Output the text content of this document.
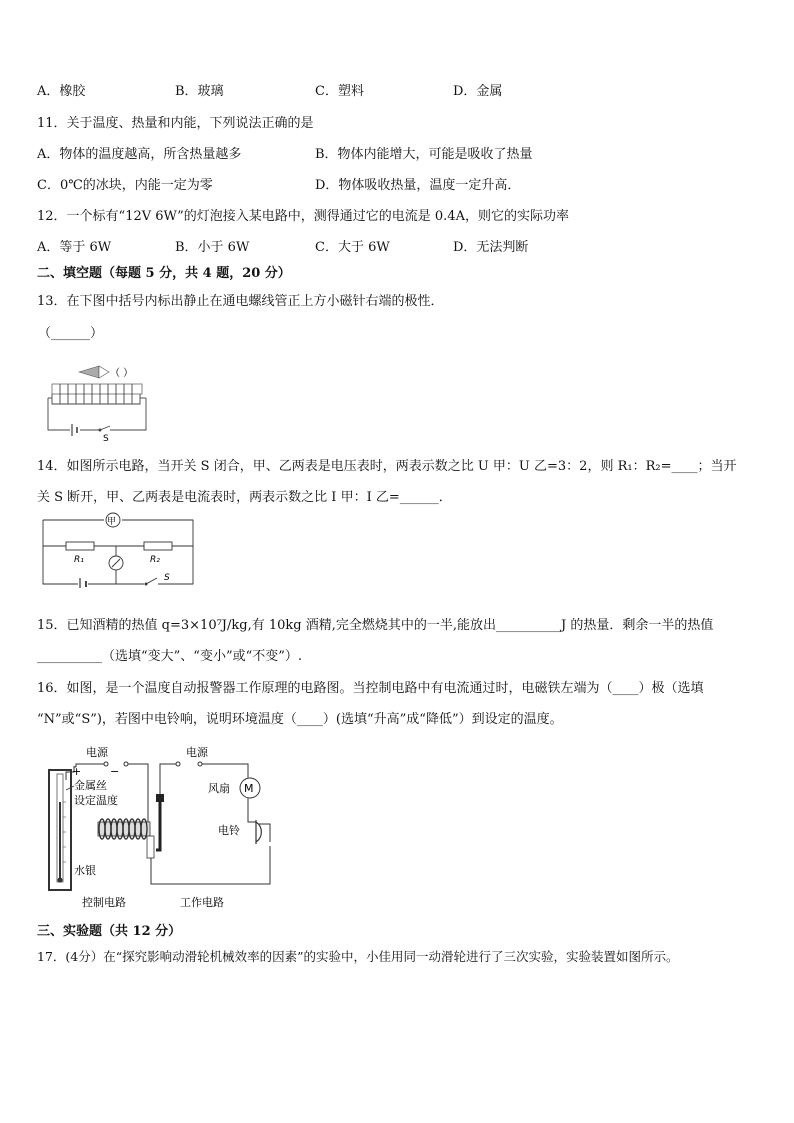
A．橡胶	B．玻璃	C．塑料	D．金属
11．关于温度、热量和内能，下列说法正确的是
A．物体的温度越高，所含热量越多	B．物体内能增大，可能是吸收了热量
C．0℃的冰块，内能一定为零	D．物体吸收热量，温度一定升高．
12．一个标有“12V 6W”的灯泡接入某电路中，测得通过它的电流是 0.4A，则它的实际功率
A．等于 6W	B．小于 6W	C．大于 6W	D．无法判断
二、填空题（每题 5 分，共 4 题，20 分）
13．在下图中括号内标出静止在通电螺线管正上方小磁针右端的极性．
（______）
（ ）
S
14．如图所示电路，当开关 S 闭合，甲、乙两表是电压表时，两表示数之比 U 甲：U 乙=3：2，则 R₁：R₂=____；当开
关 S 断开，甲、乙两表是电流表时，两表示数之比 I 甲：I 乙=______．
甲
R₁	R₂
S
15．已知酒精的热值 q=3×10⁷J/kg,有 10kg 酒精,完全燃烧其中的一半,能放出__________J 的热量．剩余一半的热值
__________（选填“变大”、“变小”或“不变”）.
16．如图，是一个温度自动报警器工作原理的电路图。当控制电路中有电流通过时，电磁铁左端为（____）极（选填
“N”或“S”)，若图中电铃响，说明环境温度（____）(选填“升高”成“降低”）到设定的温度。
电源
+	−
金属丝
设定温度
水银
控制电路
电源
风扇 M
电铃
工作电路
三、实验题（共 12 分）
17．(4分）在“探究影响动滑轮机械效率的因素”的实验中，小佳用同一动滑轮进行了三次实验，实验装置如图所示。
